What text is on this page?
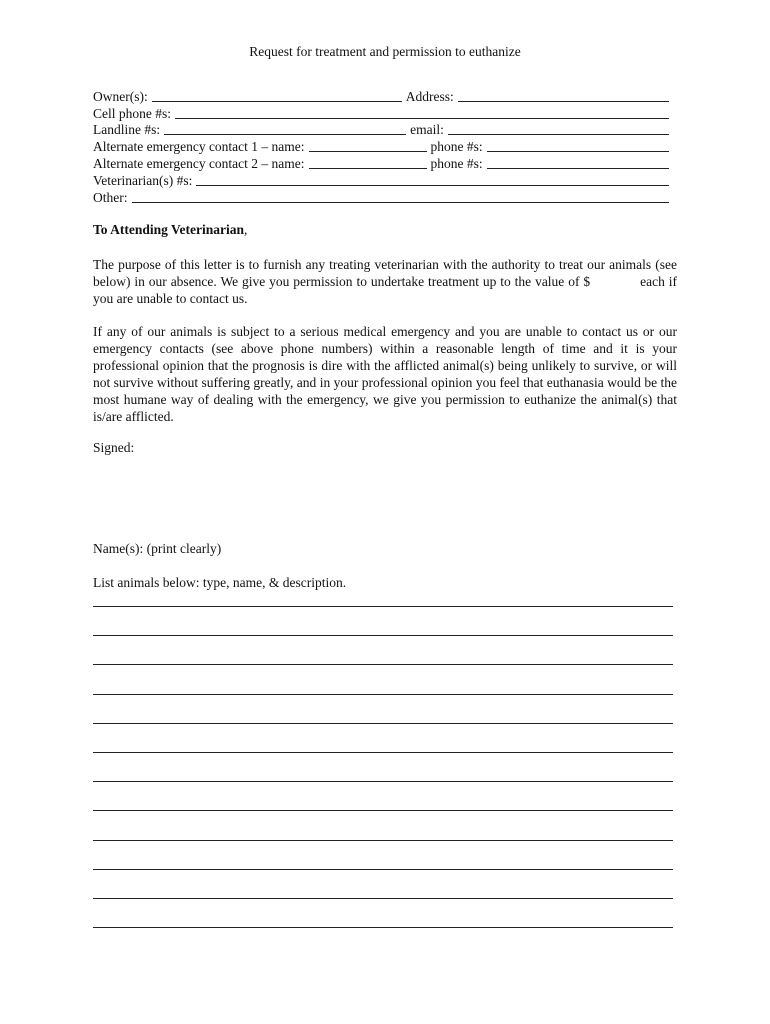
Request for treatment and permission to euthanize
Owner(s):	Address:
Cell phone #s:
Landline #s:	email:
Alternate emergency contact 1 – name:	phone #s:
Alternate emergency contact 2 – name:	phone #s:
Veterinarian(s) #s:
Other:
To Attending Veterinarian,

The purpose of this letter is to furnish any treating veterinarian with the authority to treat our animals (see below) in our absence. We give you permission to undertake treatment up to the value of $	each if you are unable to contact us.

If any of our animals is subject to a serious medical emergency and you are unable to contact us or our emergency contacts (see above phone numbers) within a reasonable length of time and it is your professional opinion that the prognosis is dire with the afflicted animal(s) being unlikely to survive, or will not survive without suffering greatly, and in your professional opinion you feel that euthanasia would be the most humane way of dealing with the emergency, we give you permission to euthanize the animal(s) that is/are afflicted.

Signed:
Name(s): (print clearly)
List animals below: type, name, & description.
